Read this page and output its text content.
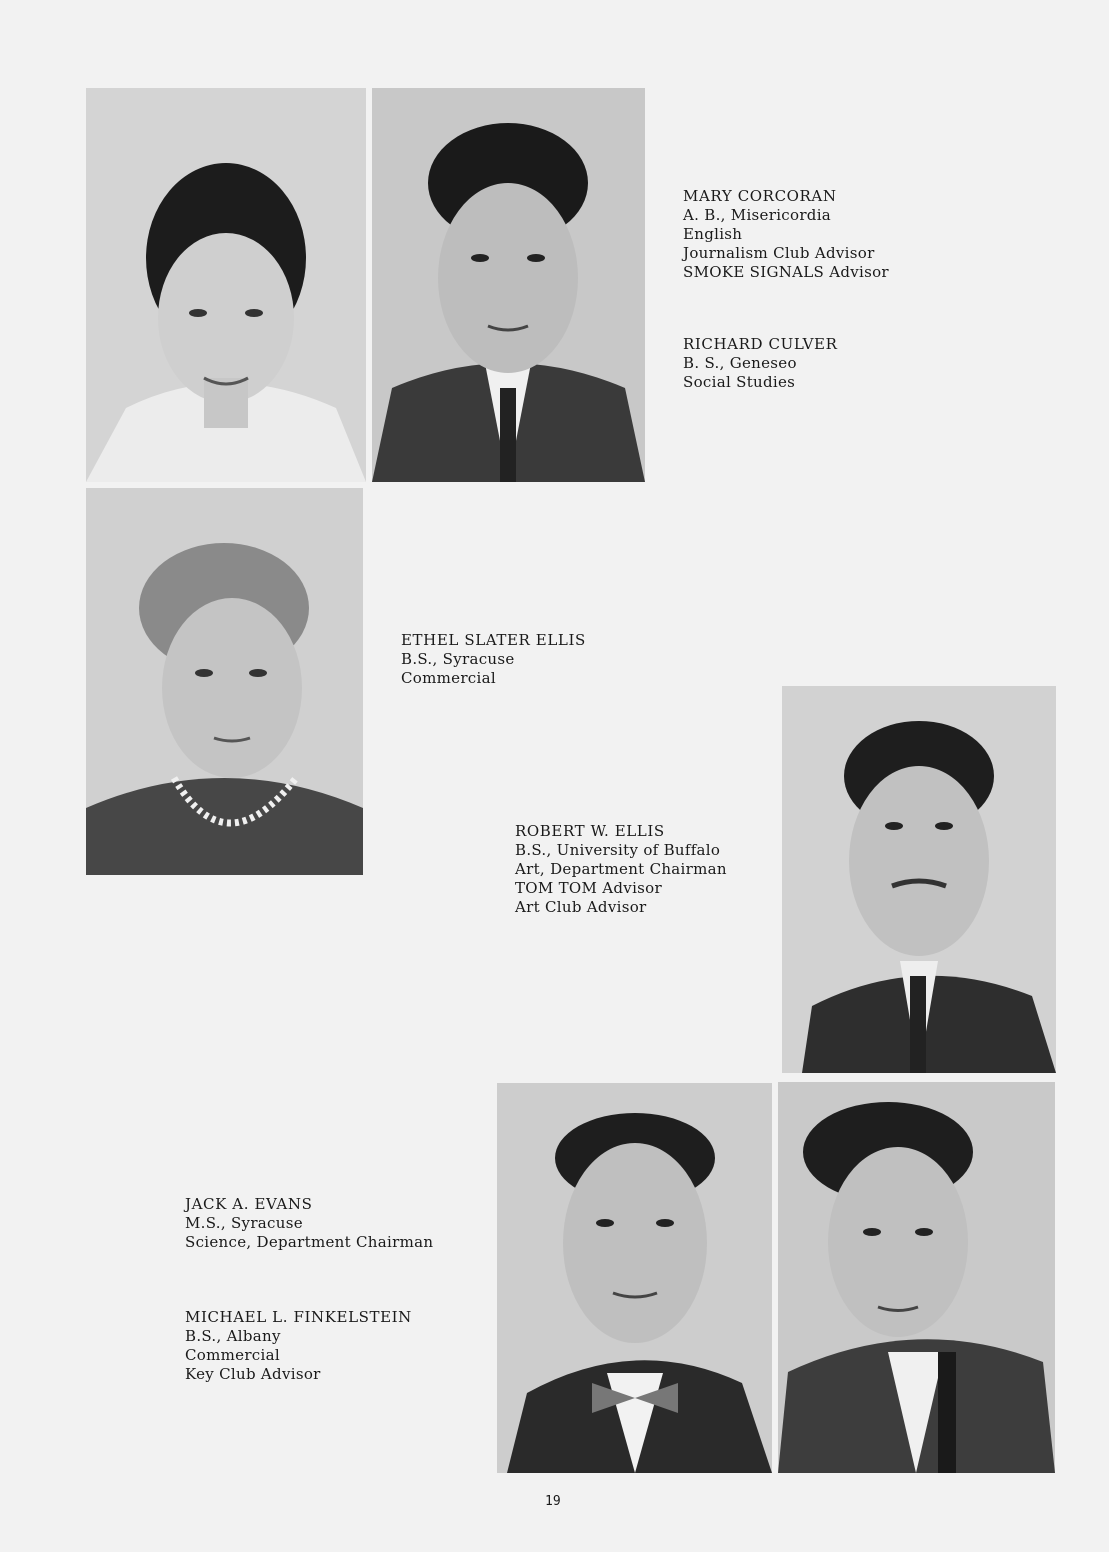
MARY CORCORAN
A. B., Misericordia
English
Journalism Club Advisor
SMOKE SIGNALS Advisor
RICHARD CULVER
B. S., Geneseo
Social Studies
ETHEL SLATER ELLIS
B.S., Syracuse
Commercial
ROBERT W. ELLIS
B.S., University of Buffalo
Art, Department Chairman
TOM TOM Advisor
Art Club Advisor
JACK A. EVANS
M.S., Syracuse
Science, Department Chairman
MICHAEL L. FINKELSTEIN
B.S., Albany
Commercial
Key Club Advisor
19
